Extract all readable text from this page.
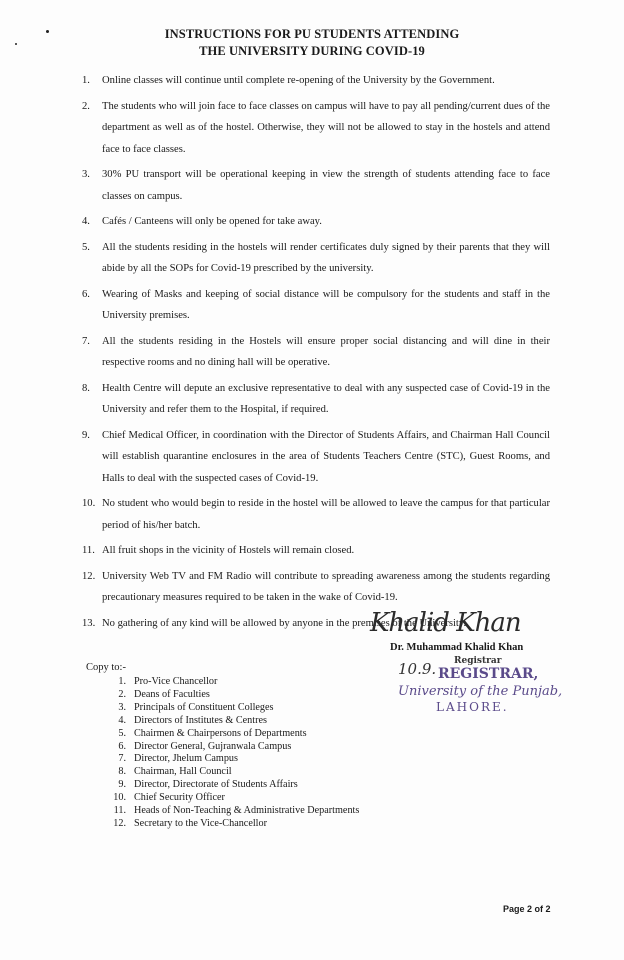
INSTRUCTIONS FOR PU STUDENTS ATTENDING
THE UNIVERSITY DURING COVID-19
1. Online classes will continue until complete re-opening of the University by the Government.
2. The students who will join face to face classes on campus will have to pay all pending/current dues of the department as well as of the hostel. Otherwise, they will not be allowed to stay in the hostels and attend face to face classes.
3. 30% PU transport will be operational keeping in view the strength of students attending face to face classes on campus.
4. Cafés / Canteens will only be opened for take away.
5. All the students residing in the hostels will render certificates duly signed by their parents that they will abide by all the SOPs for Covid-19 prescribed by the university.
6. Wearing of Masks and keeping of social distance will be compulsory for the students and staff in the University premises.
7. All the students residing in the Hostels will ensure proper social distancing and will dine in their respective rooms and no dining hall will be operative.
8. Health Centre will depute an exclusive representative to deal with any suspected case of Covid-19 in the University and refer them to the Hospital, if required.
9. Chief Medical Officer, in coordination with the Director of Students Affairs, and Chairman Hall Council will establish quarantine enclosures in the area of Students Teachers Centre (STC), Guest Rooms, and Halls to deal with the suspected cases of Covid-19.
10. No student who would begin to reside in the hostel will be allowed to leave the campus for that particular period of his/her batch.
11. All fruit shops in the vicinity of Hostels will remain closed.
12. University Web TV and FM Radio will contribute to spreading awareness among the students regarding precautionary measures required to be taken in the wake of Covid-19.
13. No gathering of any kind will be allowed by anyone in the premises of the University.
Khalid Khan
Dr. Muhammad Khalid Khan
10.9. Registrar
REGISTRAR,
University of the Punjab,
LAHORE.
Copy to:-
1. Pro-Vice Chancellor
2. Deans of Faculties
3. Principals of Constituent Colleges
4. Directors of Institutes & Centres
5. Chairmen & Chairpersons of Departments
6. Director General, Gujranwala Campus
7. Director, Jhelum Campus
8. Chairman, Hall Council
9. Director, Directorate of Students Affairs
10. Chief Security Officer
11. Heads of Non-Teaching & Administrative Departments
12. Secretary to the Vice-Chancellor
Page 2 of 2
